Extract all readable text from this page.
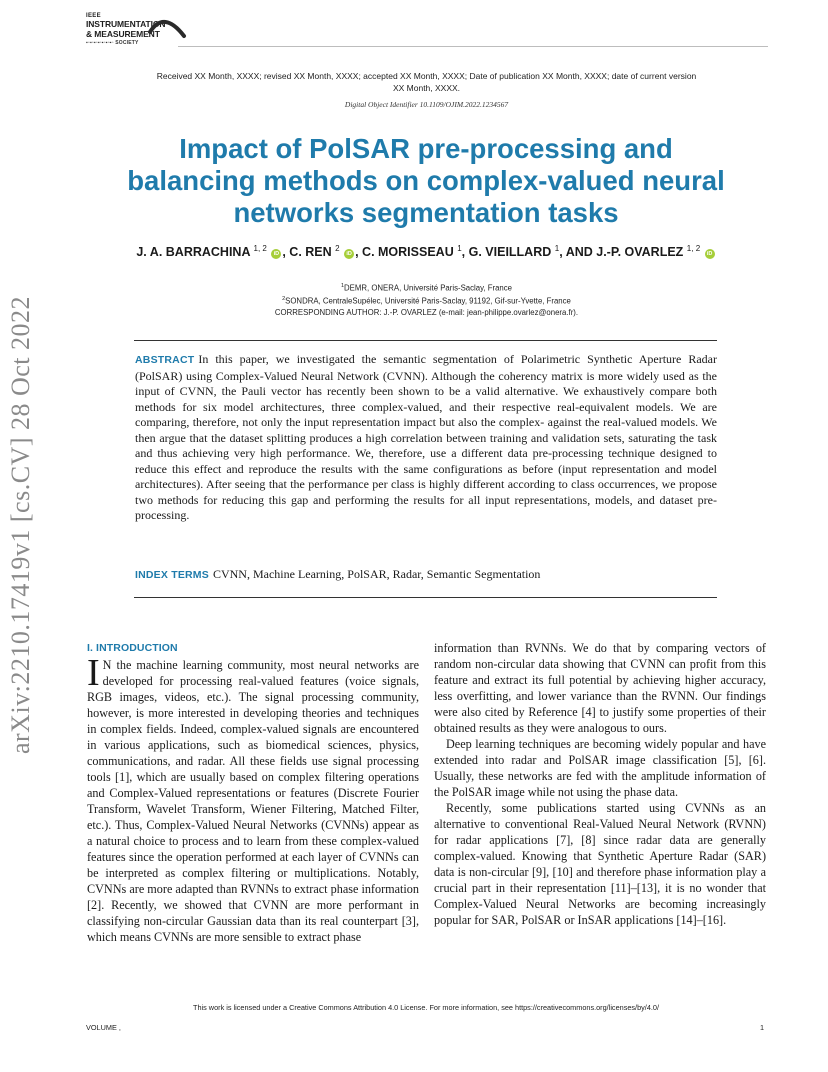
IEEE
INSTRUMENTATION
& MEASUREMENT
▪▫▪▫▪▫▪▫▪▫▪▫▪▫ SOCIETY
arXiv:2210.17419v1 [cs.CV] 28 Oct 2022
Received XX Month, XXXX; revised XX Month, XXXX; accepted XX Month, XXXX; Date of publication XX Month, XXXX; date of current version XX Month, XXXX.
Digital Object Identifier 10.1109/OJIM.2022.1234567
Impact of PolSAR pre-processing and balancing methods on complex-valued neural networks segmentation tasks
J. A. BARRACHINA $^{1, 2}$ iD , C. REN $^2$ iD , C. MORISSEAU $^1$, G. VIEILLARD $^1$, AND J.-P. OVARLEZ $^{1, 2}$ iD
$^1$DEMR, ONERA, Université Paris-Saclay, France
$^2$SONDRA, CentraleSupélec, Université Paris-Saclay, 91192, Gif-sur-Yvette, France
CORRESPONDING AUTHOR: J.-P. OVARLEZ (e-mail: jean-philippe.ovarlez@onera.fr).
ABSTRACT In this paper, we investigated the semantic segmentation of Polarimetric Synthetic Aperture Radar (PolSAR) using Complex-Valued Neural Network (CVNN). Although the coherency matrix is more widely used as the input of CVNN, the Pauli vector has recently been shown to be a valid alternative. We exhaustively compare both methods for six model architectures, three complex-valued, and their respective real-equivalent models. We are comparing, therefore, not only the input representation impact but also the complex- against the real-valued models. We then argue that the dataset splitting produces a high correlation between training and validation sets, saturating the task and thus achieving very high performance. We, therefore, use a different data pre-processing technique designed to reduce this effect and reproduce the results with the same configurations as before (input representation and model architectures). After seeing that the performance per class is highly different according to class occurrences, we propose two methods for reducing this gap and performing the results for all input representations, models, and dataset pre-processing.
INDEX TERMS CVNN, Machine Learning, PolSAR, Radar, Semantic Segmentation
I. INTRODUCTION

I N the machine learning community, most neural networks are developed for processing real-valued features (voice signals, RGB images, videos, etc.). The signal processing community, however, is more interested in developing theories and techniques in complex fields. Indeed, complex-valued signals are encountered in various applications, such as biomedical sciences, physics, communications, and radar. All these fields use signal processing tools [1], which are usually based on complex filtering operations and Complex-Valued representations or features (Discrete Fourier Transform, Wavelet Transform, Wiener Filtering, Matched Filter, etc.). Thus, Complex-Valued Neural Networks (CVNNs) appear as a natural choice to process and to learn from these complex-valued features since the operation performed at each layer of CVNNs can be interpreted as complex filtering or multiplications. Notably, CVNNs are more adapted than RVNNs to extract phase information [2]. Recently, we showed that CVNN are more performant in classifying non-circular Gaussian data than its real counterpart [3], which means CVNNs are more sensible to extract phase

information than RVNNs. We do that by comparing vectors of random non-circular data showing that CVNN can profit from this feature and extract its full potential by achieving higher accuracy, less overfitting, and lower variance than the RVNN. Our findings were also cited by Reference [4] to justify some properties of their obtained results as they were analogous to ours.

Deep learning techniques are becoming widely popular and have extended into radar and PolSAR image classification [5], [6]. Usually, these networks are fed with the amplitude information of the PolSAR image while not using the phase data.

Recently, some publications started using CVNNs as an alternative to conventional Real-Valued Neural Network (RVNN) for radar applications [7], [8] since radar data are generally complex-valued. Knowing that Synthetic Aperture Radar (SAR) data is non-circular [9], [10] and therefore phase information play a crucial part in their representation [11]–[13], it is no wonder that Complex-Valued Neural Networks are becoming increasingly popular for SAR, PolSAR or InSAR applications [14]–[16].

This work is licensed under a Creative Commons Attribution 4.0 License. For more information, see https://creativecommons.org/licenses/by/4.0/
VOLUME ,	1
